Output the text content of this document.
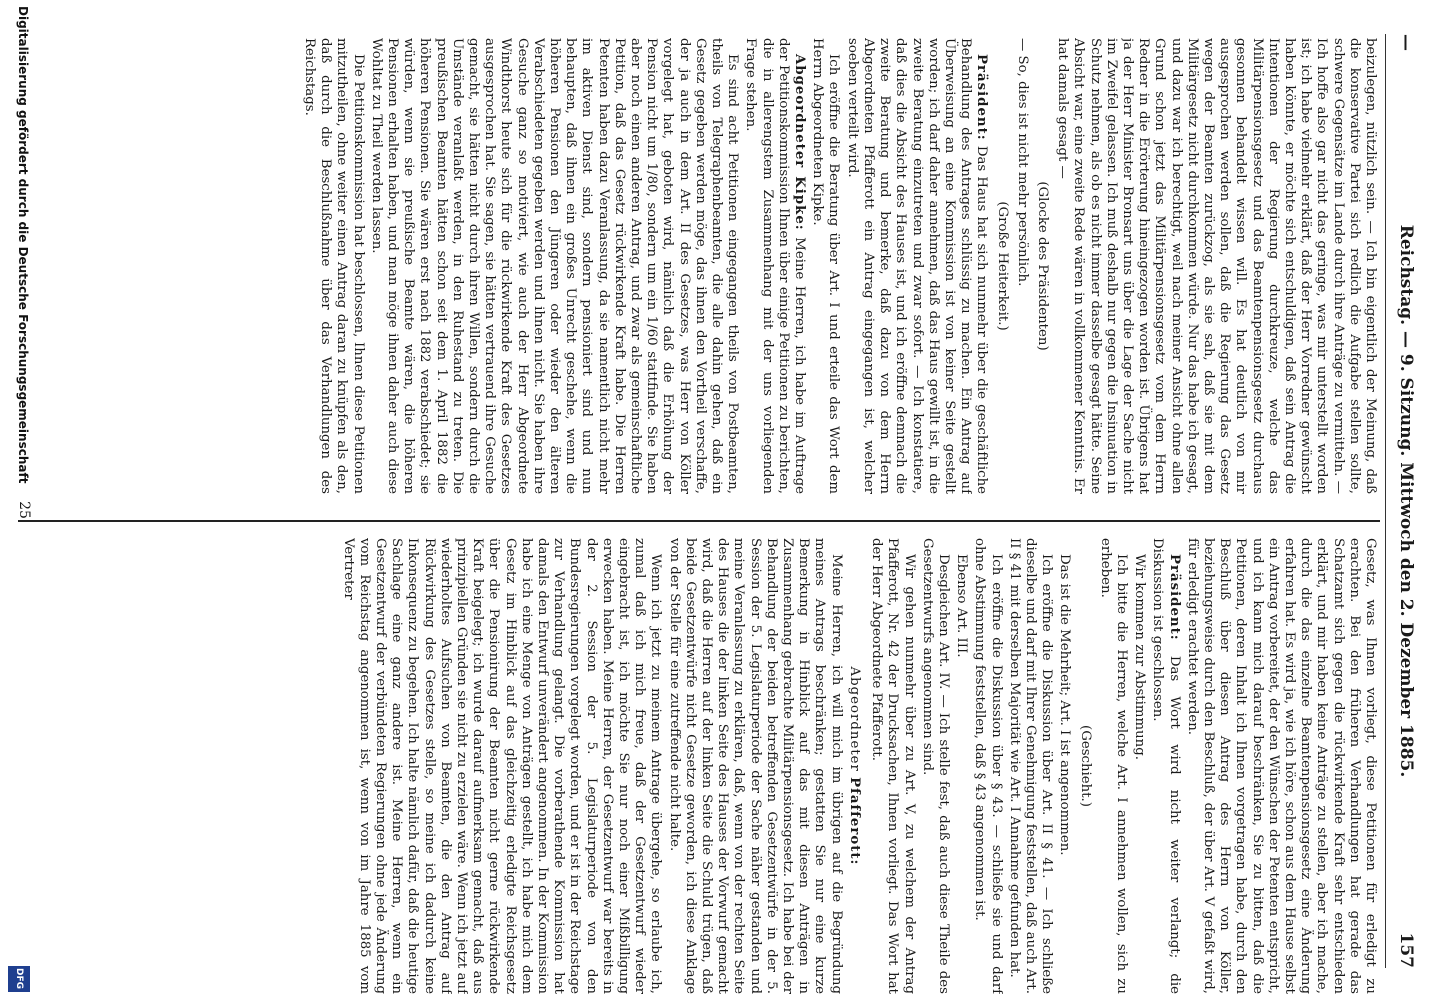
—
Reichstag. — 9. Sitzung. Mittwoch den 2. Dezember 1885.
157

beizulegen, nützlich sein. — Ich bin eigentlich der Meinung, daß die konservative Partei sich redlich die Aufgabe stellen sollte, schwere Gegensätze im Lande durch ihre Anträge zu vermitteln. — Ich hoffe also gar nicht das geringe, was mir unterstellt worden ist; ich habe vielmehr erklärt, daß der Herr Vorredner gewünscht haben könnte, er möchte sich entschuldigen, daß sein Antrag die Intentionen der Regierung durchkreuze, welche das Militärpensionsgesetz und das Beamtenpensionsgesetz durchaus gesonnen behandelt wissen will. Es hat deutlich von mir ausgesprochen werden sollen, daß die Regierung das Gesetz wegen der Beamten zurückzog, als sie sah, daß sie mit dem Militärgesetz nicht durchkommen würde. Nur das habe ich gesagt, und dazu war ich berechtigt, weil nach meiner Ansicht ohne allen Grund schon jetzt das Militärpensionsgesetz vom dem Herrn Redner in die Erörterung hineingezogen worden ist. Übrigens hat ja der Herr Minister Bronsart uns über die Lage der Sache nicht im Zweifel gelassen. Ich muß deshalb nur gegen die Insinuation in Schutz nehmen, als ob es nicht immer dasselbe gesagt hätte. Seine Absicht war, eine zweite Rede wären in vollkommener Kenntnis. Er hat damals gesagt —

(Glocke des Präsidenten)

— So, dies ist nicht mehr persönlich.

(Große Heiterkeit.)

Präsident: Das Haus hat sich nunmehr über die geschäftliche Behandlung des Antrages schlüssig zu machen. Ein Antrag auf Überweisung an eine Kommission ist von keiner Seite gestellt worden; ich darf daher annehmen, daß das Haus gewillt ist, in die zweite Beratung einzutreten und zwar sofort. — Ich konstatiere, daß dies die Absicht des Hauses ist, und ich eröffne demnach die zweite Beratung und bemerke, daß dazu von dem Herrn Abgeordneten Pfafferott ein Antrag eingegangen ist, welcher soeben verteilt wird.

Ich eröffne die Beratung über Art. I und erteile das Wort dem Herrn Abgeordneten Kipke.

Abgeordneter Kipke: Meine Herren, ich habe im Auftrage der Petitionskommission Ihnen über einige Petitionen zu berichten, die in allerengstem Zusammenhang mit der uns vorliegenden Frage stehen.

Es sind acht Petitionen eingegangen theils von Postbeamten, theils von Telegraphenbeamten, die alle dahin gehen, daß ein Gesetz gegeben werden möge, das ihnen den Vortheil verschaffe, der ja auch in dem Art. II des Gesetzes, was Herr von Köller vorgelegt hat, geboten wird, nämlich daß die Erhöhung der Pension nicht um 1/80, sondern um ein 1/60 stattfinde. Sie haben aber noch einen anderen Antrag, und zwar als gemeinschaftliche Petition, daß das Gesetz rückwirkende Kraft habe. Die Herren Petenten haben dazu Veranlassung, da sie namentlich nicht mehr im aktiven Dienst sind, sondern pensioniert sind und nun behaupten, daß ihnen ein großes Unrecht geschehe, wenn die höheren Pensionen den Jüngeren oder wieder den älteren Verabschiedeten gegeben werden und ihnen nicht. Sie haben ihre Gesuche ganz so motiviert, wie auch der Herr Abgeordnete Windthorst heute sich für die rückwirkende Kraft des Gesetzes ausgesprochen hat. Sie sagen, sie hätten vertrauend ihre Gesuche gemacht, sie hätten nicht durch ihren Willen, sondern durch die Umstände veranlaßt werden, in den Ruhestand zu treten. Die preußischen Beamten hätten schon seit dem 1. April 1882 die höheren Pensionen. Sie wären erst nach 1882 verabschiedet; sie würden, wenn sie preußische Beamte wären, die höheren Pensionen erhalten haben, und man möge ihnen daher auch diese Wohltat zu Theil werden lassen.

Die Petitionskommission hat beschlossen, Ihnen diese Petitionen mitzutheilen, ohne weiter einen Antrag daran zu knüpfen als den, daß durch die Beschlußnahme über das Verhandlungen des Reichstags.

Gesetz, was Ihnen vorliegt, diese Petitionen für erledigt zu erachten. Bei den früheren Verhandlungen hat gerade das Schatzamt sich gegen die rückwirkende Kraft sehr entschieden erklärt, und mir haben keine Anträge zu stellen, aber ich mache, durch die das einzelne Beamtenpensionsgesetz eine Änderung erfahren hat. Es wird ja, wie ich höre, schon aus dem Hause selbst ein Antrag vorbereitet, der den Wünschen der Petenten entspricht, und ich kann mich darauf beschränken, Sie zu bitten, daß die Petitionen, deren Inhalt ich Ihnen vorgetragen habe, durch den Beschluß über diesen Antrag des Herrn von Köller, beziehungsweise durch den Beschluß, der über Art. V gefaßt wird, für erledigt erachtet werden.

Präsident: Das Wort wird nicht weiter verlangt; die Diskussion ist geschlossen.

Wir kommen zur Abstimmung.

Ich bitte die Herren, welche Art. I annehmen wollen, sich zu erheben.

(Geschieht.)

Das ist die Mehrheit; Art. I ist angenommen.

Ich eröffne die Diskussion über Art. II § 41. — Ich schließe dieselbe und darf mit Ihrer Genehmigung feststellen, daß auch Art. II § 41 mit derselben Majorität wie Art. I Annahme gefunden hat.

Ich eröffne die Diskussion über § 43. — schließe sie und darf ohne Abstimmung feststellen, daß § 43 angenommen ist.

Ebenso Art. III.

Desgleichen Art. IV. — Ich stelle fest, daß auch diese Theile des Gesetzentwurfs angenommen sind.

Wir gehen nunmehr über zu Art. V, zu welchem der Antrag Pfafferott, Nr. 42 der Drucksachen, Ihnen vorliegt. Das Wort hat der Herr Abgeordnete Pfafferott.

Abgeordneter Pfafferott:

Meine Herren, ich will mich im übrigen auf die Begründung meines Antrags beschränken; gestatten Sie nur eine kurze Bemerkung in Hinblick auf das mit diesen Anträgen in Zusammenhang gebrachte Militärpensionsgesetz. Ich habe bei der Behandlung der beiden betreffenden Gesetzentwürfe in der 5. Session der 5. Legislaturperiode der Sache näher gestanden und meine Veranlassung zu erklären, daß, wenn von der rechten Seite des Hauses die der linken Seite des Hauses der Vorwurf gemacht wird, daß die Herren auf der linken Seite die Schuld trügen, daß beide Gesetzentwürfe nicht Gesetze geworden, ich diese Anklage von der Stelle für eine zutreffende nicht halte.

Wenn ich jetzt zu meinem Antrage übergehe, so erlaube ich, zumal daß ich mich freue, daß der Gesetzentwurf wieder eingebracht ist, ich möchte Sie nur noch einer Mißbilligung erwecken haben. Meine Herren, der Gesetzentwurf war bereits in der 2. Session der 5. Legislaturperiode von den Bundesregierungen vorgelegt worden, und er ist in der Reichstage zur Verhandlung gelangt. Die vorberathende Kommission hat damals den Entwurf unverändert angenommen. In der Kommission habe ich eine Menge von Anträgen gestellt, ich habe mich dem Gesetz im Hinblick auf das gleichzeitig erledigte Reichsgesetz über die Pensionirung der Beamten nicht gerne rückwirkende Kraft beigelegt; ich wurde darauf aufmerksam gemacht, daß aus prinzipiellen Gründen sie nicht zu erzielen wäre. Wenn ich jetzt auf wiederholtes Aufsuchen von Beamten, die den Antrag auf Rückwirkung des Gesetzes stelle, so meine ich dadurch keine Inkonsequenz zu begehen. Ich halte nämlich dafür, daß die heutige Sachlage eine ganz andere ist. Meine Herren, wenn ein Gesetzentwurf der verbündeten Regierungen ohne jede Änderung vom Reichstag angenommen ist, wenn von im Jahre 1885 vom Vertreter

25
Digitalisierung gefördert durch die Deutsche Forschungsgemeinschaft
DFG
